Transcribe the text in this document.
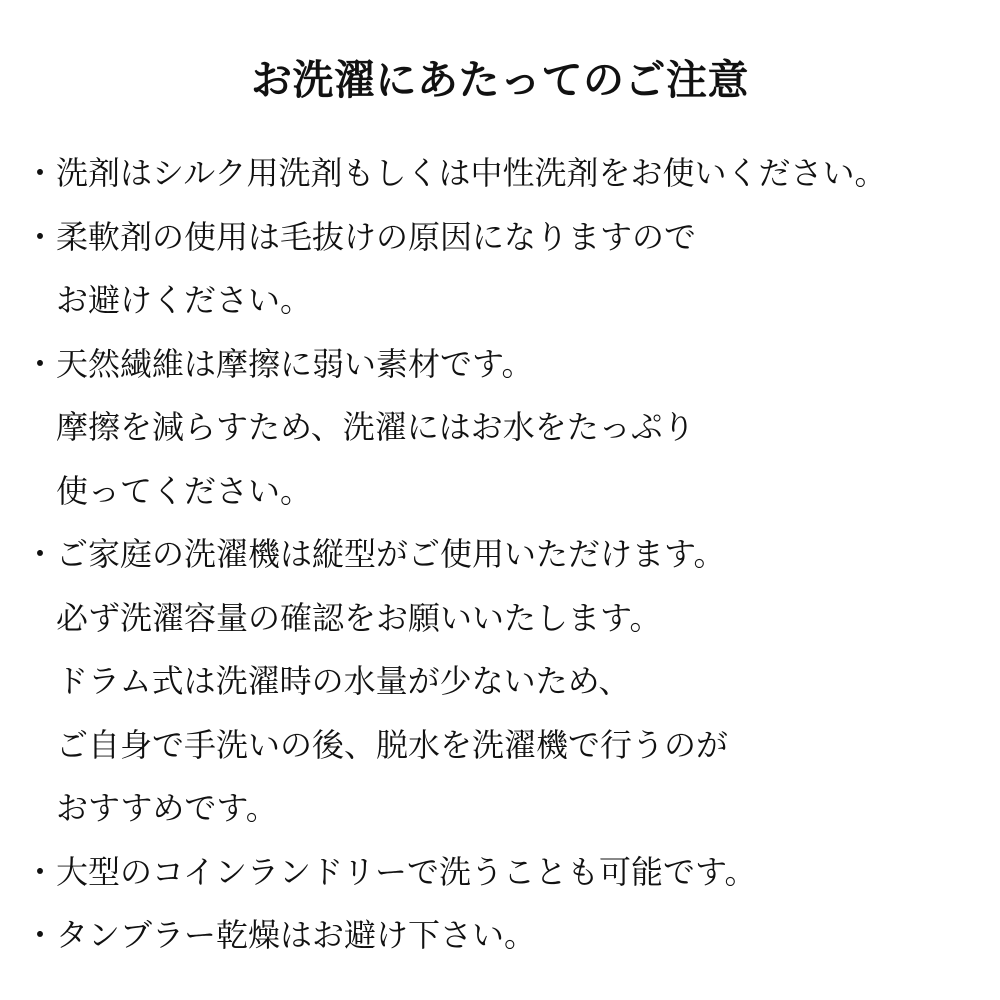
お洗濯にあたってのご注意
・ 洗剤はシルク用洗剤もしくは中性洗剤をお使いください。
・ 柔軟剤の使用は毛抜けの原因になりますので
お避けください。
・ 天然繊維は摩擦に弱い素材です。
摩擦を減らすため、洗濯にはお水をたっぷり
使ってください。
・ ご家庭の洗濯機は縦型がご使用いただけます。
必ず洗濯容量の確認をお願いいたします。
ドラム式は洗濯時の水量が少ないため、
ご自身で手洗いの後、脱水を洗濯機で行うのが
おすすめです。
・ 大型のコインランドリーで洗うことも可能です。
・ タンブラー乾燥はお避け下さい。
